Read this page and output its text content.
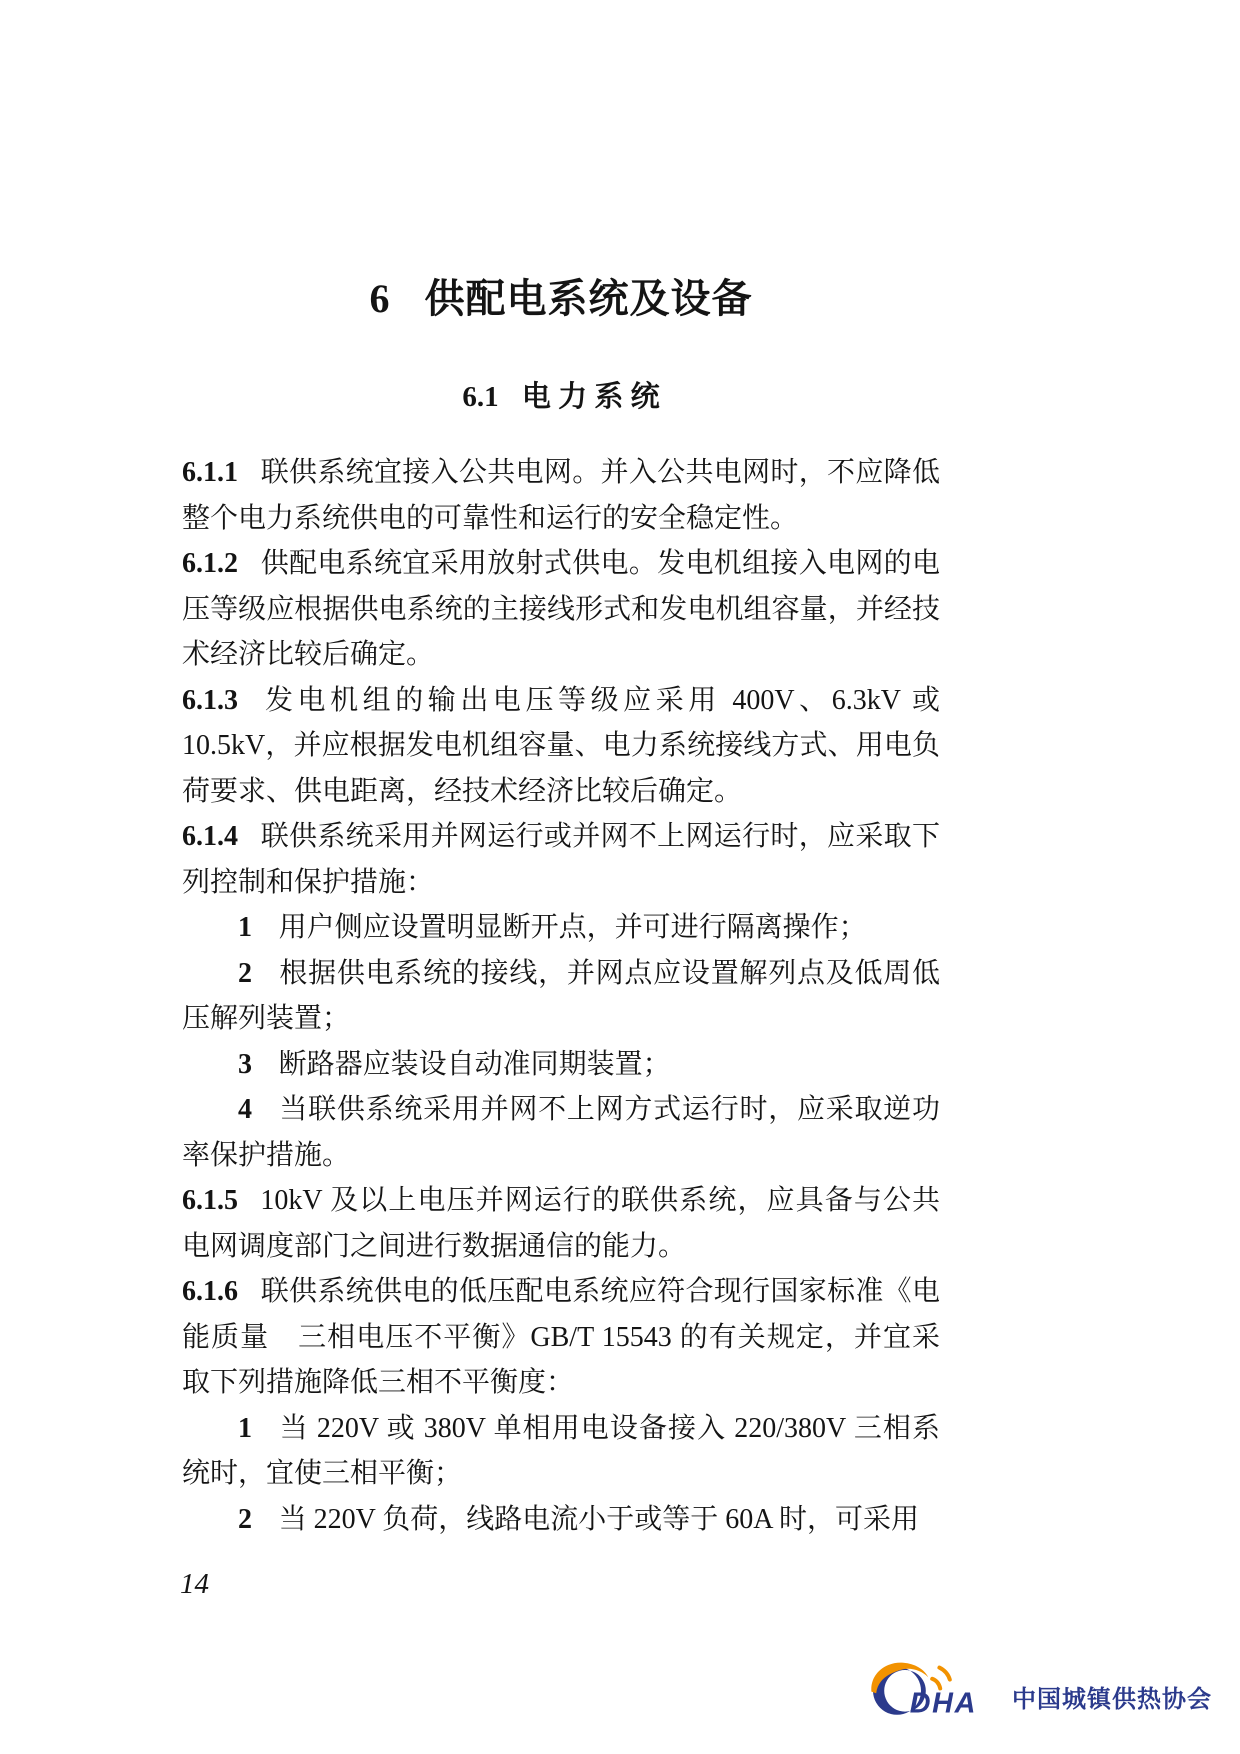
6 供配电系统及设备
6.1 电 力 系 统

6.1.1 联供系统宜接入公共电网。并入公共电网时，不应降低整个电力系统供电的可靠性和运行的安全稳定性。

6.1.2 供配电系统宜采用放射式供电。发电机组接入电网的电压等级应根据供电系统的主接线形式和发电机组容量，并经技术经济比较后确定。

6.1.3 发电机组的输出电压等级应采用 400V、6.3kV 或 10.5kV，并应根据发电机组容量、电力系统接线方式、用电负荷要求、供电距离，经技术经济比较后确定。

6.1.4 联供系统采用并网运行或并网不上网运行时，应采取下列控制和保护措施：

1 用户侧应设置明显断开点，并可进行隔离操作；

2 根据供电系统的接线，并网点应设置解列点及低周低压解列装置；

3 断路器应装设自动准同期装置；

4 当联供系统采用并网不上网方式运行时，应采取逆功率保护措施。

6.1.5 10kV 及以上电压并网运行的联供系统，应具备与公共电网调度部门之间进行数据通信的能力。

6.1.6 联供系统供电的低压配电系统应符合现行国家标准《电能质量　三相电压不平衡》GB/T 15543 的有关规定，并宜采取下列措施降低三相不平衡度：

1 当 220V 或 380V 单相用电设备接入 220/380V 三相系统时，宜使三相平衡；

2 当 220V 负荷，线路电流小于或等于 60A 时，可采用

14
DHA 中国城镇供热协会
